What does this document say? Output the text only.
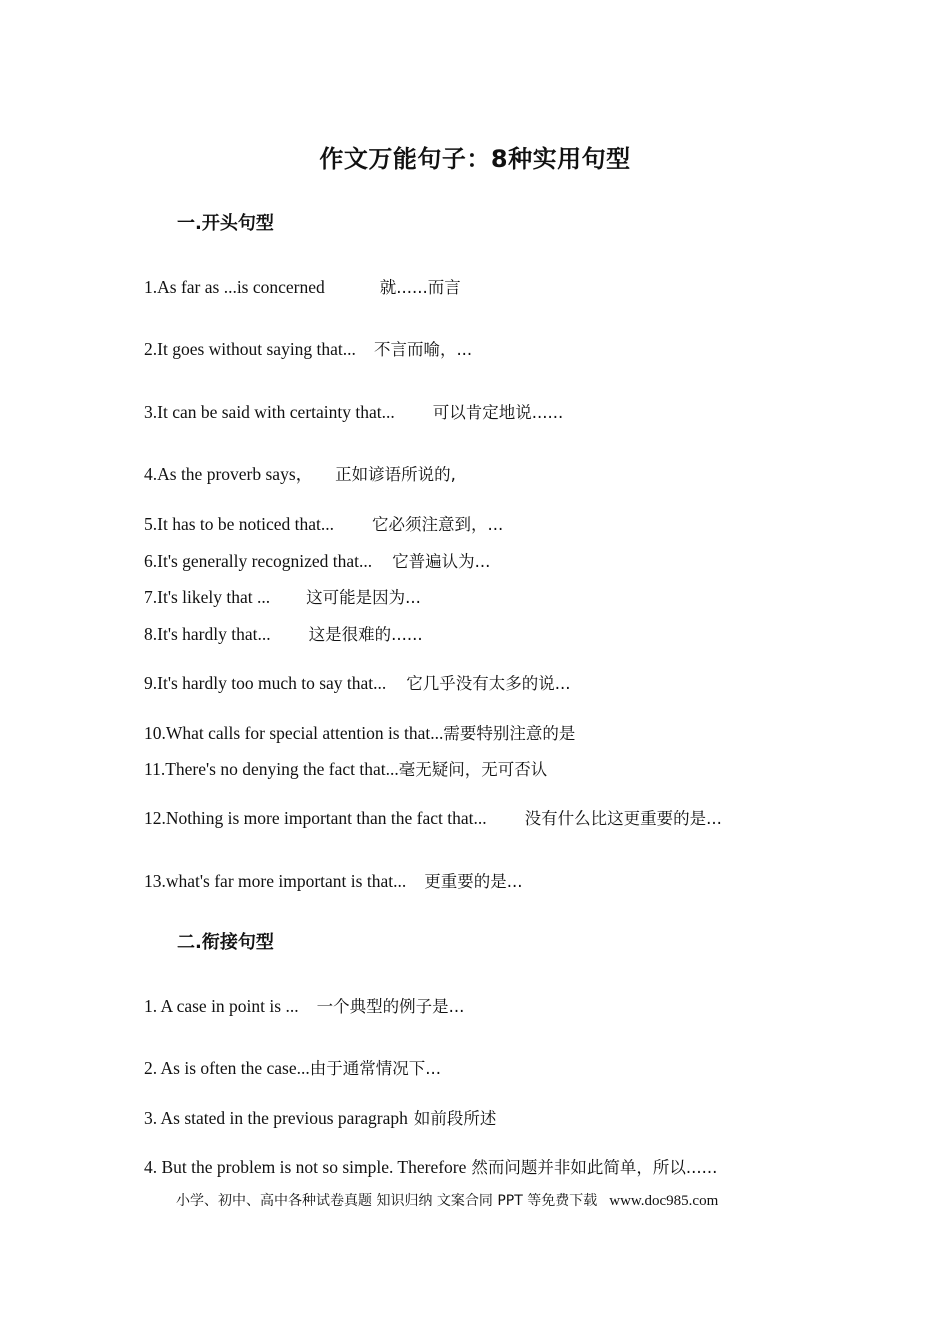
作文万能句子：8种实用句型
一.开头句型
1.As far as ...is concerned	就......而言
2.It goes without saying that... 不言而喻，...
3.It can be said with certainty that... 可以肯定地说......
4.As the proverb says， 正如谚语所说的,
5.It has to be noticed that... 它必须注意到，...
6.It's generally recognized that... 它普遍认为...
7.It's likely that ... 这可能是因为...
8.It's hardly that... 这是很难的......
9.It's hardly too much to say that... 它几乎没有太多的说...
10.What calls for special attention is that...需要特别注意的是
11.There's no denying the fact that...毫无疑问，无可否认
12.Nothing is more important than the fact that... 没有什么比这更重要的是...
13.what's far more important is that... 更重要的是...
二.衔接句型
1. A case in point is ... 一个典型的例子是...
2. As is often the case...由于通常情况下...
3. As stated in the previous paragraph 如前段所述
4. But the problem is not so simple. Therefore 然而问题并非如此简单，所以......
小学、初中、高中各种试卷真题 知识归纳 文案合同 PPT 等免费下载 www.doc985.com
